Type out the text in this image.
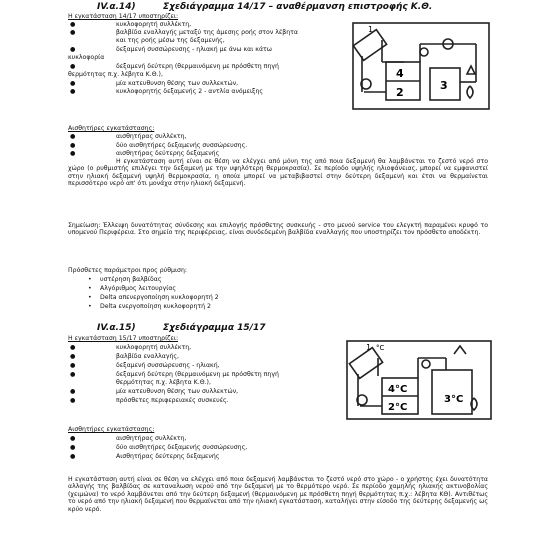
IV.α.14)	Σχεδιάγραμμα 14/17 – αναθέρμανση επιστροφής Κ.Θ.
Η εγκατάσταση 14/17 υποστηρίζει:
●	κυκλοφορητή συλλέκτη,
●	βαλβίδα εναλλαγής μεταξύ της άμεσης ροής στον λέβητα
και της ροής μέσω της δεξαμενής,
●	δεξαμενή συσσώρευσης - ηλιακή με άνω και κάτω
κυκλοφορία
●	δεξαμενή δεύτερη (θερμαινόμενη με πρόσθετη πηγή
θερμότητας π.χ. λέβητα Κ.Θ.),
●	μία κατευθυνση θέσης των συλλεκτών,
●	κυκλοφορητής δεξαμενής 2 - αντλία ανόμειξης
1
4
2
3
Αισθητήρες εγκατάστασης:
●	αισθητήρας συλλέκτη,
●	δύο αισθητήρες δεξαμενής συσσώρευσης.
●	αισθητήρας δεύτερης δεξαμενής
Η εγκατάσταση αυτή είναι σε θέση να ελέγχει από μόνη της από ποια δεξαμενή θα λαμβάνεται το ζεστό νερό στο χώρο (ο ρυθμιστής επιλέγει την δεξαμενή με την υψηλότερη θερμοκρασία). Σε περίοδο υψηλής ηλιοφάνειας, μπορεί να εμφανιστεί στην ηλιακή δεξαμενή υψηλή θερμοκρασία, η οποία μπορεί να μεταβιβαστεί στην δεύτερη δεξαμενή και έτσι να θερμαίνεται περισσότερο νερό απ' ότι μονάχα στην ηλιακή δεξαμενή.
Σημείωση: Έλλειψη δυνατότητας σύνδεσης και επιλογής πρόσθετης συσκευής - στο μενού service του ελεγκτή παραμένει κρυφό το υπομενού Περιφέρεια. Στο σημείο της περιφέρειας, είναι συνδεδεμένη βαλβίδα εναλλαγής που υποστηρίζει τον πρόσθετο αποδέκτη.
Πρόσθετες παράμετροι προς ρύθμιση:
• υστέρηση βαλβίδας
• Αλγόριθμος λειτουργίας
• Delta απενεργοποίηση κυκλοφορητή 2
• Delta ενεργοποίηση κυκλοφορητή 2
IV.α.15)	Σχεδιάγραμμα 15/17
Η εγκατάσταση 15/17 υποστηρίζει:
●	κυκλοφορητή συλλέκτη,
●	βαλβίδα εναλλαγής,
●	δεξαμενή συσσώρευσης - ηλιακή,
●	δεξαμενή δεύτερη (θερμαινόμενη με πρόσθετη πηγή
θερμότητας π.χ. λέβητα Κ.Θ.),
●	μία κατευθυνση θέσης των συλλεκτών,
●	πρόσθετες περιφερειακές συσκευές.
1 °C
4°C
2°C
3°C
Αισθητήρες εγκατάστασης:
●	αισθητήρας συλλέκτη,
●	δύο αισθητήρες δεξαμενής συσσώρευσης,
●	Αισθητήρας δεύτερης δεξαμενής
Η εγκατάσταση αυτή είναι σε θέση να ελέγχει από ποια δεξαμενή λαμβάνεται το ζεστό νερό στο χώρο - ο χρήστης έχει δυνατότητα αλλαγής της βαλβίδας σε καταναλωση νερού από την δεξαμενή με το θερμότερο νερό. Σε περίοδο χαμηλής ηλιακής ακτινοβολίας (χειμώνα) το νερό λαμβάνεται από την δεύτερη δεξαμενή (θερμαινόμενη με πρόσθετη πηγή θερμότητας π.χ.: λέβητα ΚΘ). Αντιθέτως το νερό από την ηλιακή δεξαμενή που θερμαίνεται από την ηλιακή εγκατάσταση, καταλήγει στην είσοδο της δεύτερης δεξαμενής ως κρύο νερό.
